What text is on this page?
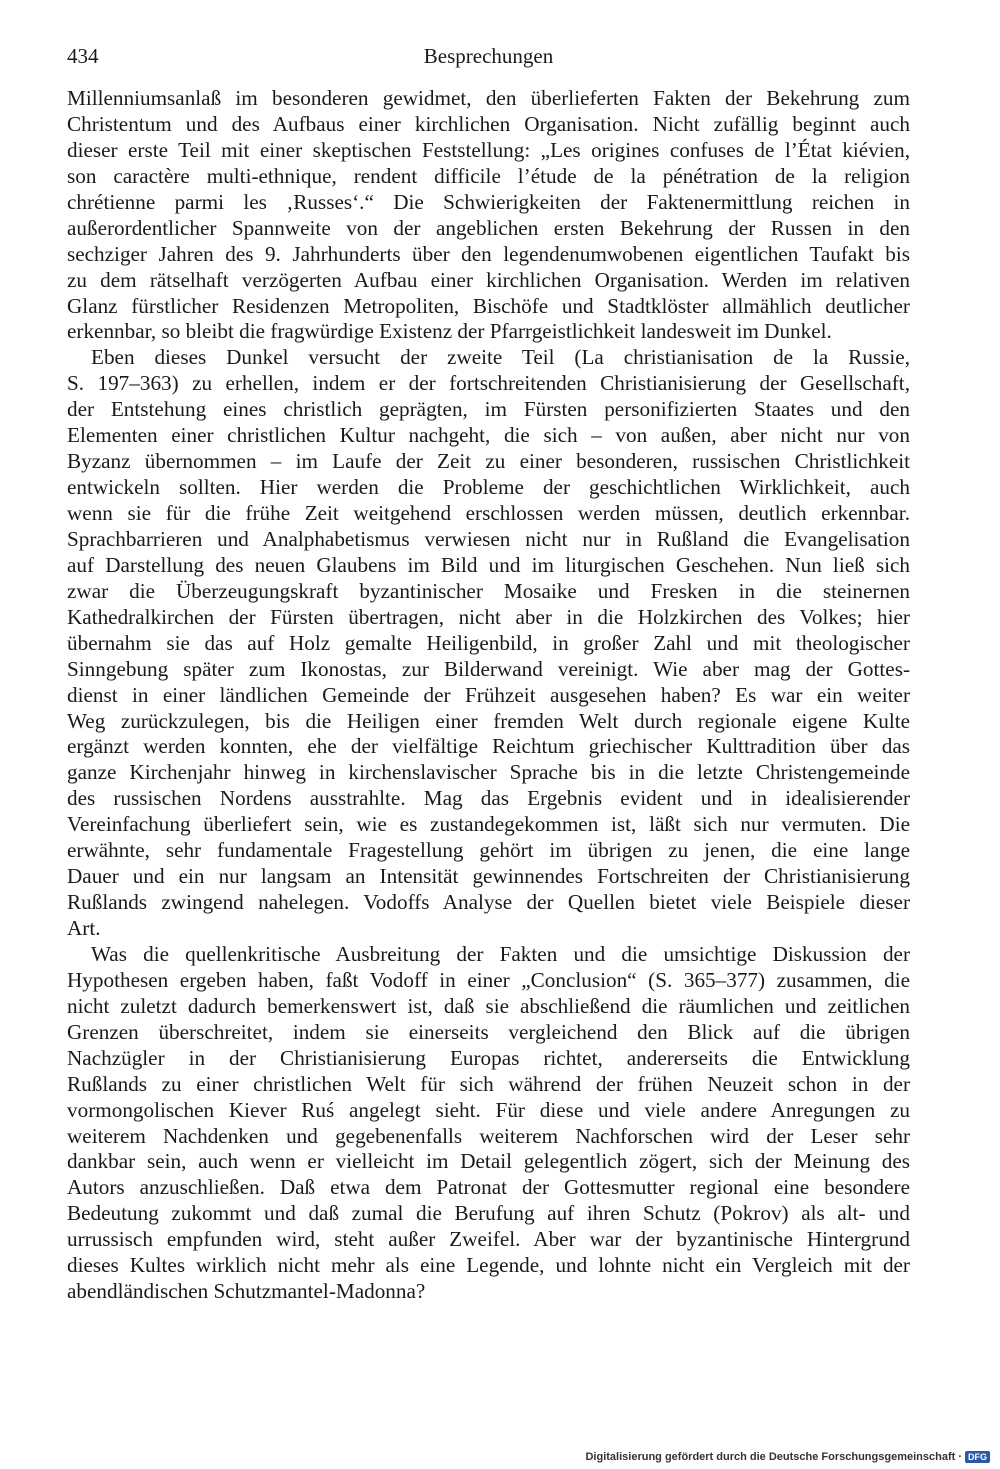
434	Besprechungen
Millenniumsanlaß im besonderen gewidmet, den überlieferten Fakten der Bekehrung zum
Christentum und des Aufbaus einer kirchlichen Organisation. Nicht zufällig beginnt auch
dieser erste Teil mit einer skeptischen Feststellung: „Les origines confuses de l’État kiévien,
son caractère multi-ethnique, rendent difficile l’étude de la pénétration de la religion
chrétienne parmi les ‚Russes‘.“ Die Schwierigkeiten der Faktenermittlung reichen in
außerordentlicher Spannweite von der angeblichen ersten Bekehrung der Russen in den
sechziger Jahren des 9. Jahrhunderts über den legendenumwobenen eigentlichen Taufakt bis
zu dem rätselhaft verzögerten Aufbau einer kirchlichen Organisation. Werden im relativen
Glanz fürstlicher Residenzen Metropoliten, Bischöfe und Stadtklöster allmählich deutlicher
erkennbar, so bleibt die fragwürdige Existenz der Pfarrgeistlichkeit landesweit im Dunkel.
Eben dieses Dunkel versucht der zweite Teil (La christianisation de la Russie,
S. 197–363) zu erhellen, indem er der fortschreitenden Christianisierung der Gesellschaft,
der Entstehung eines christlich geprägten, im Fürsten personifizierten Staates und den
Elementen einer christlichen Kultur nachgeht, die sich – von außen, aber nicht nur von
Byzanz übernommen – im Laufe der Zeit zu einer besonderen, russischen Christlichkeit
entwickeln sollten. Hier werden die Probleme der geschichtlichen Wirklichkeit, auch
wenn sie für die frühe Zeit weitgehend erschlossen werden müssen, deutlich erkennbar.
Sprachbarrieren und Analphabetismus verwiesen nicht nur in Rußland die Evangelisation
auf Darstellung des neuen Glaubens im Bild und im liturgischen Geschehen. Nun ließ sich
zwar die Überzeugungskraft byzantinischer Mosaike und Fresken in die steinernen
Kathedralkirchen der Fürsten übertragen, nicht aber in die Holzkirchen des Volkes; hier
übernahm sie das auf Holz gemalte Heiligenbild, in großer Zahl und mit theologischer
Sinngebung später zum Ikonostas, zur Bilderwand vereinigt. Wie aber mag der Gottes-
dienst in einer ländlichen Gemeinde der Frühzeit ausgesehen haben? Es war ein weiter
Weg zurückzulegen, bis die Heiligen einer fremden Welt durch regionale eigene Kulte
ergänzt werden konnten, ehe der vielfältige Reichtum griechischer Kulttradition über das
ganze Kirchenjahr hinweg in kirchenslavischer Sprache bis in die letzte Christengemeinde
des russischen Nordens ausstrahlte. Mag das Ergebnis evident und in idealisierender
Vereinfachung überliefert sein, wie es zustandegekommen ist, läßt sich nur vermuten. Die
erwähnte, sehr fundamentale Fragestellung gehört im übrigen zu jenen, die eine lange
Dauer und ein nur langsam an Intensität gewinnendes Fortschreiten der Christianisierung
Rußlands zwingend nahelegen. Vodoffs Analyse der Quellen bietet viele Beispiele dieser
Art.
Was die quellenkritische Ausbreitung der Fakten und die umsichtige Diskussion der
Hypothesen ergeben haben, faßt Vodoff in einer „Conclusion“ (S. 365–377) zusammen, die
nicht zuletzt dadurch bemerkenswert ist, daß sie abschließend die räumlichen und zeitlichen
Grenzen überschreitet, indem sie einerseits vergleichend den Blick auf die übrigen
Nachzügler in der Christianisierung Europas richtet, andererseits die Entwicklung
Rußlands zu einer christlichen Welt für sich während der frühen Neuzeit schon in der
vormongolischen Kiever Ruś angelegt sieht. Für diese und viele andere Anregungen zu
weiterem Nachdenken und gegebenenfalls weiterem Nachforschen wird der Leser sehr
dankbar sein, auch wenn er vielleicht im Detail gelegentlich zögert, sich der Meinung des
Autors anzuschließen. Daß etwa dem Patronat der Gottesmutter regional eine besondere
Bedeutung zukommt und daß zumal die Berufung auf ihren Schutz (Pokrov) als alt- und
urrussisch empfunden wird, steht außer Zweifel. Aber war der byzantinische Hintergrund
dieses Kultes wirklich nicht mehr als eine Legende, und lohnte nicht ein Vergleich mit der
abendländischen Schutzmantel-Madonna?
Digitalisierung gefördert durch die Deutsche Forschungsgemeinschaft · DFG
